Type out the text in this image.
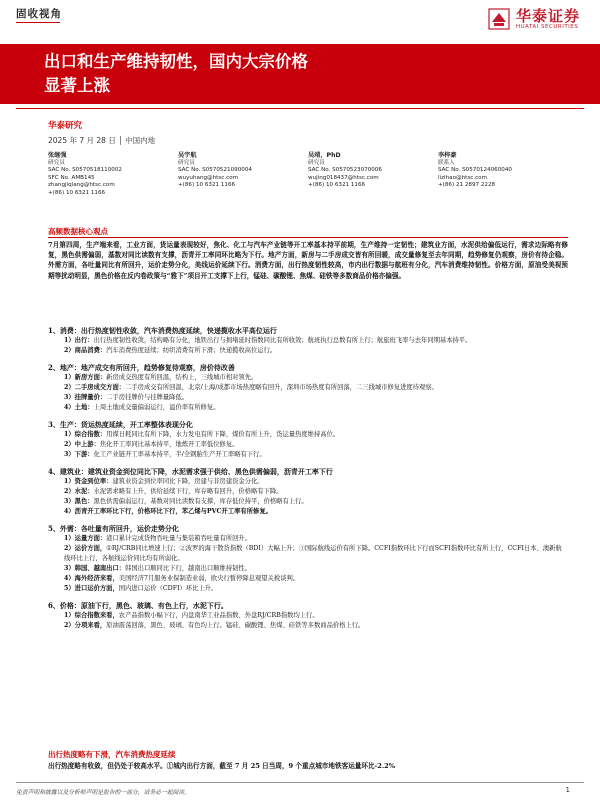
固收视角	华泰证券
HUATAI SECURITIES
出口和生产维持韧性，国内大宗价格
显著上涨
华泰研究
2025 年 7 月 28 日 │ 中国内地
张继强
研究员
SAC No. S0570518110002
SFC No. AMB145
zhangjiqiang@htsc.com
+(86) 10 6321 1166
吴宇航
研究员
SAC No. S0570521090004
wuyuhang@htsc.com
+(86) 10 6321 1166
吴靖，PhD
研究员
SAC No. S0570523070006
wujing018437@htsc.com
+(86) 10 6321 1166
李梓豪
联系人
SAC No. S0570124060040
lizihao@htsc.com
+(86) 21 2897 2228
高频数据核心观点
7月第四周，生产端来看，工业方面，货运量表现较好，焦化、化工与汽车产业链等开工率基本持平前期，生产维持一定韧性；建筑业方面，水泥供给偏低运行，需求边际略有修复，黑色供需偏弱，基数对同比读数有支撑，沥青开工率同环比略为下行。地产方面，新房与二手房成交皆有所回暖，成交量修复至去年同期，趋势修复仍观察，房价有待企稳。外需方面，各吐量同比有所回升，运价走势分化，美线运价延续下行。消费方面，出行热度韧性较高，市内出行数据与航班有分化，汽车消费维持韧性。价格方面，原油受美视预期等扰动明显，黑色价格在反内卷政策与“雅下”项目开工支撑下上行，锰硅、碳酸锂、焦煤、硅铁等多数商品价格亦偏强。
1、消费：出行热度韧性收敛，汽车消费热度延续，快递揽收水平高位运行
1）出行：出行热度韧性收敛，结构略有分化，地铁出行与拥堵延时指数同比有所收敛；航班执行总数有所上行；航旅班飞率与去年同期基本持平。
2）商品消费：汽车消费热度延续；纺织消费有所下滑；快递揽收高位运行。
2、地产：地产成交有所回升，趋势修复待观察，房价待改善
1）新房方面：新房成交热度有所回温，结构上，三线城市相对领先。
2）二手房成交方面：二手房成交有所回温，北京/上海/成都市场热度略有回升，深圳市场热度有所回落，二三线城市修复进度待观察。
3）挂牌量价：二手房挂牌价与挂牌量降低。
4）土地：上周土地成交量偏弱运行，溢价率有所修复。
3、生产：货运热度延续，开工率整体表现分化
1）综合指数：用煤日耗同比有所下降，水力发电有所下降，煤价有所上升，货运量热度维持高位。
2）中上游：焦化开工率同比基本持平，地炼开工率低位修复。
3）下游：化工产业链开工率基本持平，半/全钢胎生产开工率略有下行。
4、建筑业：建筑业资金到位同比下降，水泥需求强于供给、黑色供需偏弱，沥青开工率下行
1）资金到位率：建筑业资金到位率同比下降，房建与非房建资金分化。
2）水泥：水泥需求略有上升，供给延续下行，库存略有回升，价格略有下降。
3）黑色：黑色供需偏弱运行，基数对同比读数有支撑，库存低位持平，价格略有上行。
4）沥青开工率环比下行，价格环比下行，苯乙烯与PVC开工率有所修复。
5、外需：各吐量有所回升，运价走势分化
1）运量方面：港口累计完成货物吞吐量与集装箱吞吐量有所回升。
2）运价方面，①RJ/CRB同比增速上行；②波罗的海干散货指数（BDI）大幅上升；③国际航线运价有所下降。CCFI指数环比下行而SCFI指数环比有所上行，CCFI日本、澳新航线环比上行，各航线运价同比均有所弱化。
3）韩国、越南出口：韩国出口顺同比下行，越南出口顺维持韧性。
4）海外经济来看，美国经济7月服务业保制造业弱，欧央行暂停降息观望关税谈判。
5）进口运价方面，国内进口运价（CDFI）环比上升。
6、价格：原油下行，黑色、玻璃、有色上行，水泥下行。
1）综合指数来看，农产品指数小幅下行，内盘南华工业品指数、外盘RJ/CRB指数均上行。
2）分项来看，原油震荡回落，黑色、玻璃、有色均上行。锰硅、碳酸锂、焦煤、硅铁等多数商品价格上行。
出行热度略有下滑，汽车消费热度延续
出行热度略有收敛，但仍处于较高水平。①城内出行方面，截至 7 月 25 日当周，9 个重点城市地铁客运量环比-2.2%
免责声明和披露以及分析师声明是报告的一部分，请务必一起阅读。	1
